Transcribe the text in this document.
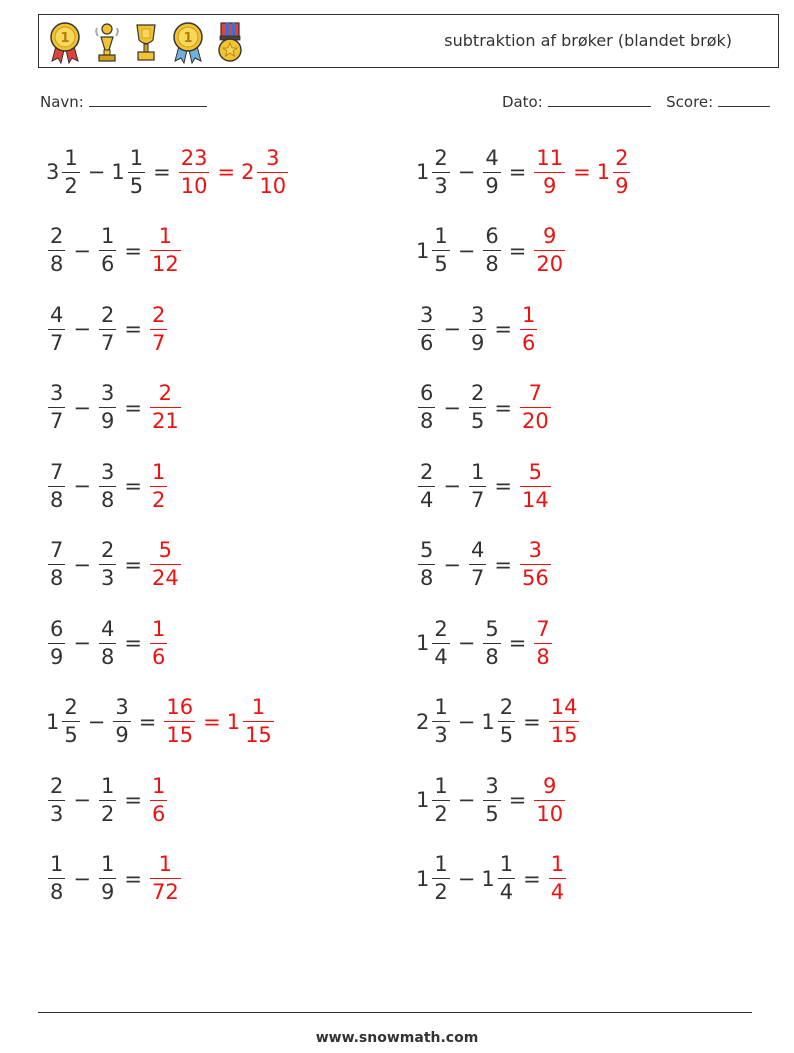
1	1	subtraktion af brøker (blandet brøk)
Navn:	Dato:	Score:
$3 \frac{1}{2} - 1 \frac{1}{5} = \frac{23}{10} = 2 \frac{3}{10}$	$1 \frac{2}{3} - \frac{4}{9} = \frac{11}{9} = 1 \frac{2}{9}$
$\frac{2}{8} - \frac{1}{6} = \frac{1}{12}$	$1 \frac{1}{5} - \frac{6}{8} = \frac{9}{20}$
$\frac{4}{7} - \frac{2}{7} = \frac{2}{7}$	$\frac{3}{6} - \frac{3}{9} = \frac{1}{6}$
$\frac{3}{7} - \frac{3}{9} = \frac{2}{21}$	$\frac{6}{8} - \frac{2}{5} = \frac{7}{20}$
$\frac{7}{8} - \frac{3}{8} = \frac{1}{2}$	$\frac{2}{4} - \frac{1}{7} = \frac{5}{14}$
$\frac{7}{8} - \frac{2}{3} = \frac{5}{24}$	$\frac{5}{8} - \frac{4}{7} = \frac{3}{56}$
$\frac{6}{9} - \frac{4}{8} = \frac{1}{6}$	$1 \frac{2}{4} - \frac{5}{8} = \frac{7}{8}$
$1 \frac{2}{5} - \frac{3}{9} = \frac{16}{15} = 1 \frac{1}{15}$	$2 \frac{1}{3} - 1 \frac{2}{5} = \frac{14}{15}$
$\frac{2}{3} - \frac{1}{2} = \frac{1}{6}$	$1 \frac{1}{2} - \frac{3}{5} = \frac{9}{10}$
$\frac{1}{8} - \frac{1}{9} = \frac{1}{72}$	$1 \frac{1}{2} - 1 \frac{1}{4} = \frac{1}{4}$
www.snowmath.com
